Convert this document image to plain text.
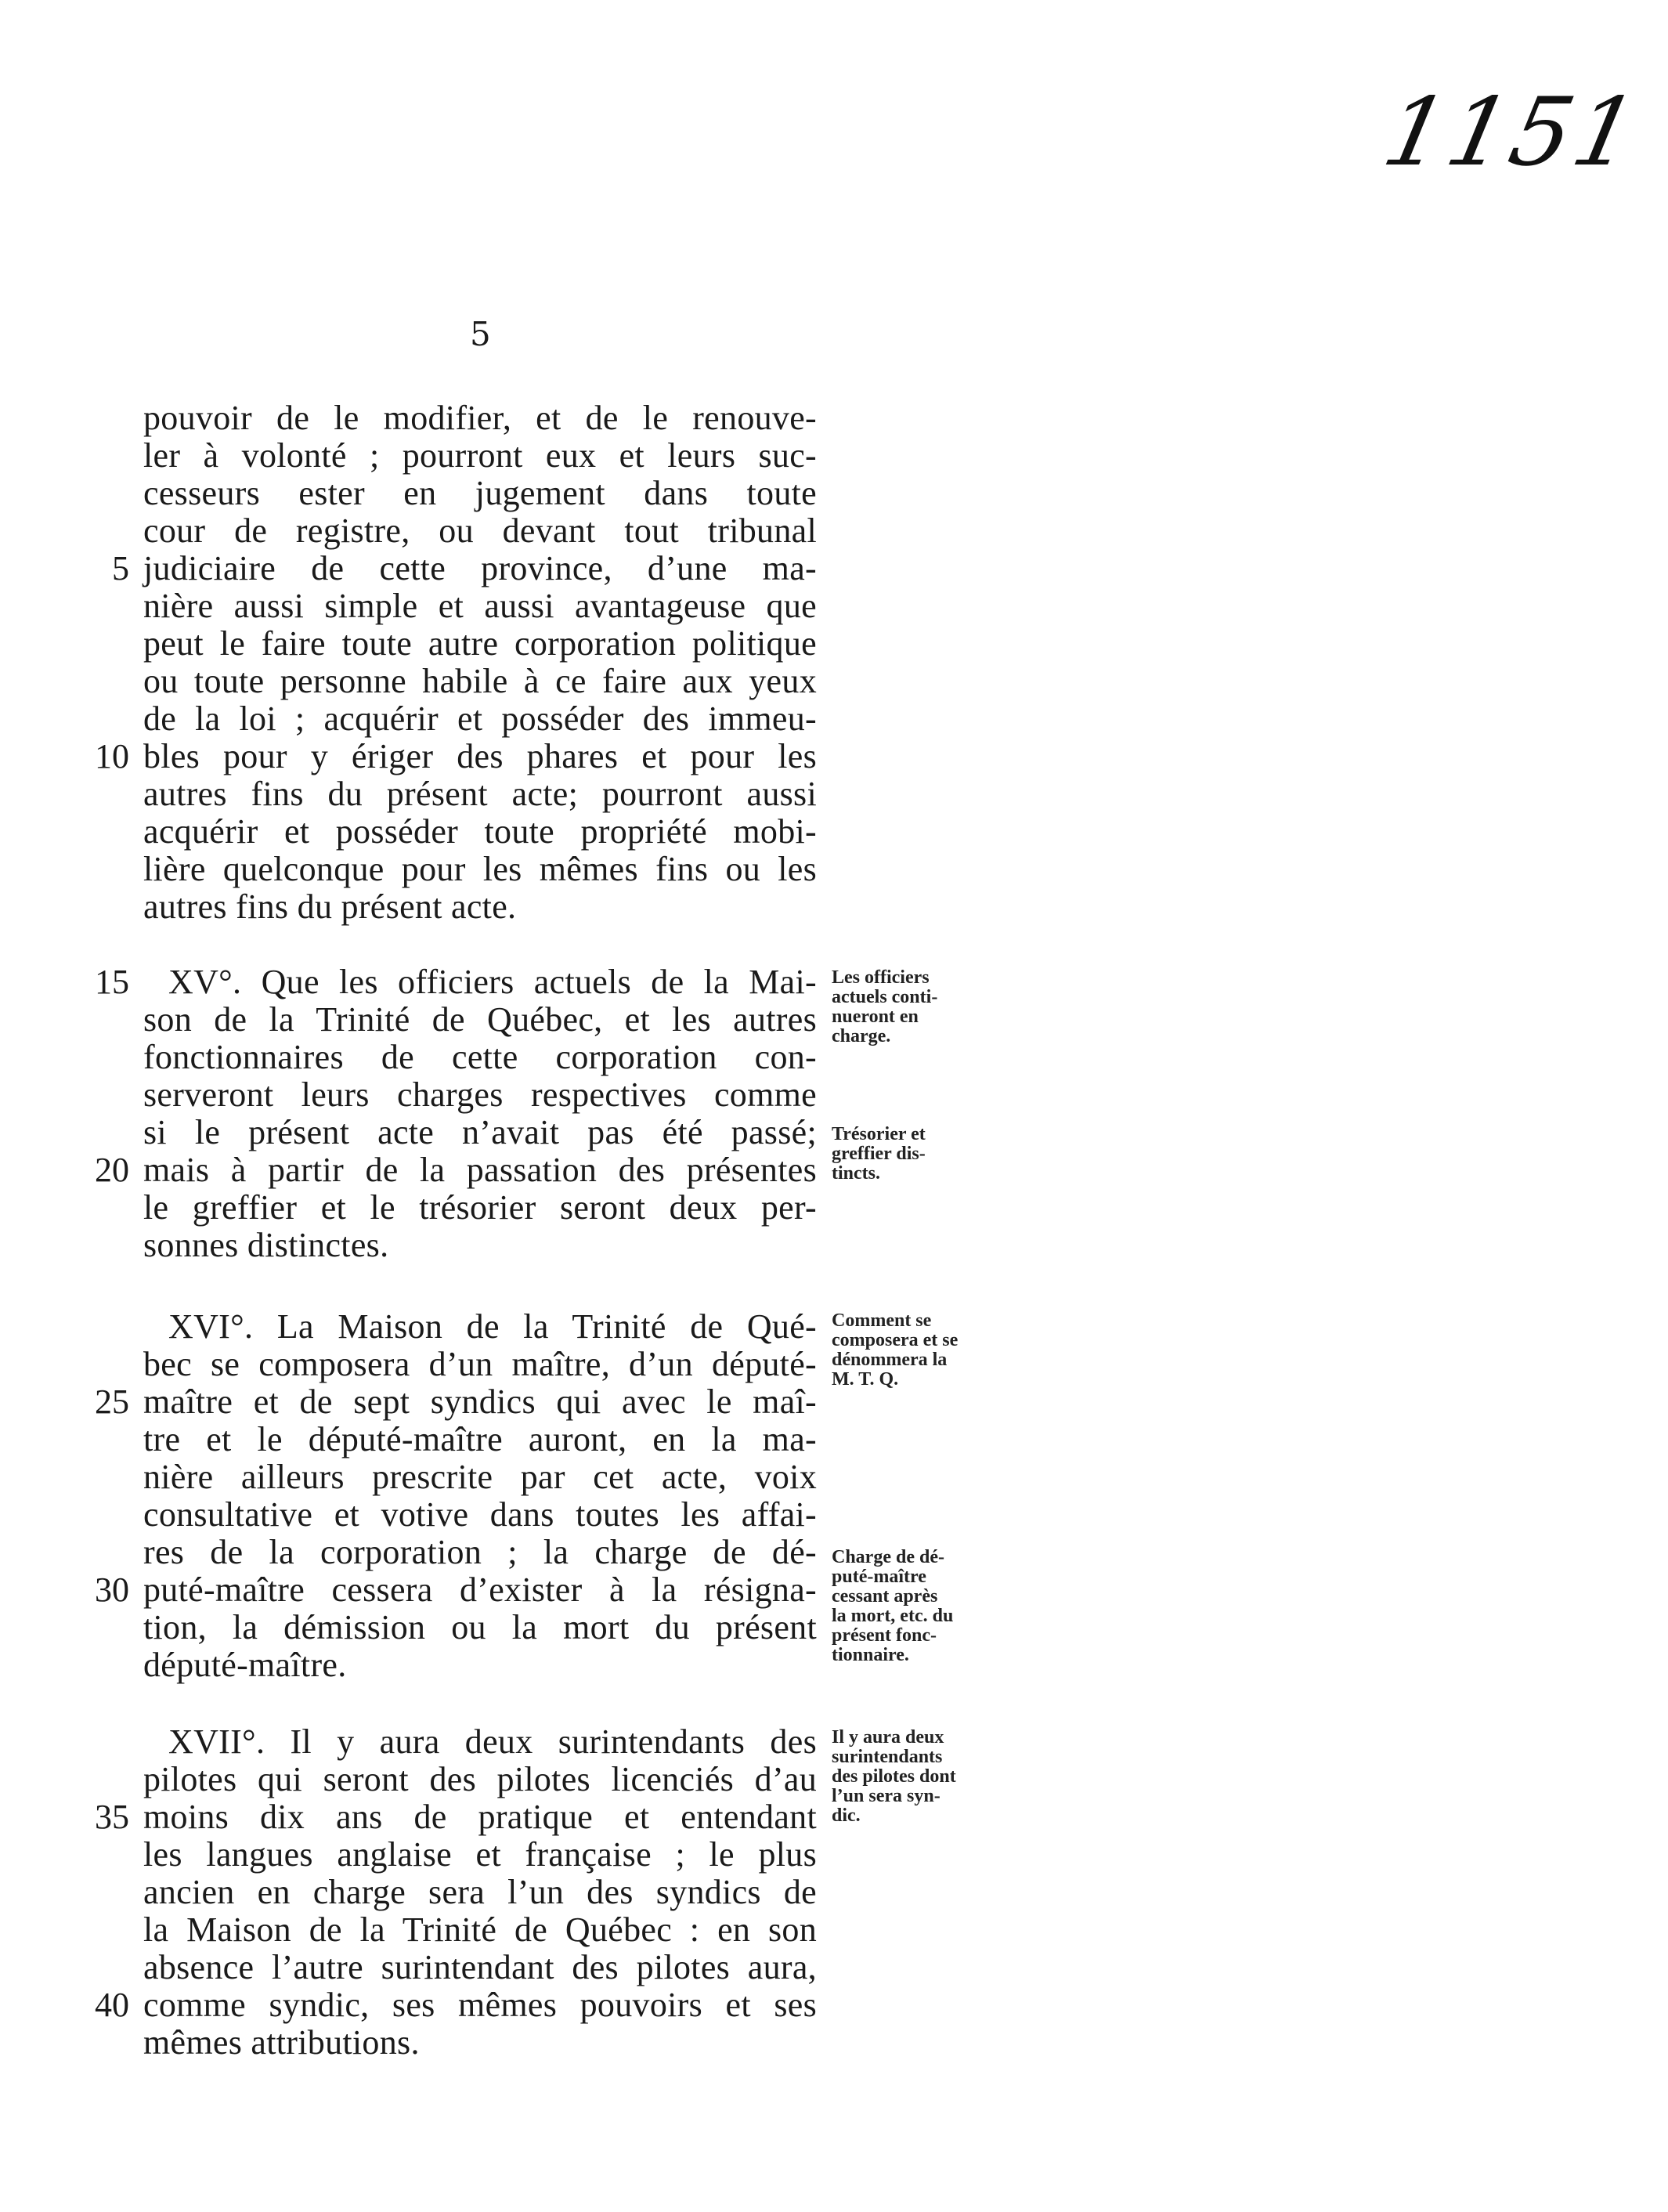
1151
5
pouvoir de le modifier, et de le renouve-
ler à volonté ; pourront eux et leurs suc-
cesseurs ester en jugement dans toute
cour de registre, ou devant tout tribunal
5 judiciaire de cette province, d’une ma-
nière aussi simple et aussi avantageuse que
peut le faire toute autre corporation politique
ou toute personne habile à ce faire aux yeux
de la loi ; acquérir et posséder des immeu-
10 bles pour y ériger des phares et pour les
autres fins du présent acte; pourront aussi
acquérir et posséder toute propriété mobi-
lière quelconque pour les mêmes fins ou les
autres fins du présent acte.
15 XV°. Que les officiers actuels de la Mai-
son de la Trinité de Québec, et les autres
fonctionnaires de cette corporation con-
serveront leurs charges respectives comme
si le présent acte n’avait pas été passé;
20 mais à partir de la passation des présentes
le greffier et le trésorier seront deux per-
sonnes distinctes.
XVI°. La Maison de la Trinité de Qué-
bec se composera d’un maître, d’un député-
25 maître et de sept syndics qui avec le maî-
tre et le député-maître auront, en la ma-
nière ailleurs prescrite par cet acte, voix
consultative et votive dans toutes les affai-
res de la corporation ; la charge de dé-
30 puté-maître cessera d’exister à la résigna-
tion, la démission ou la mort du présent
député-maître.
XVII°. Il y aura deux surintendants des
pilotes qui seront des pilotes licenciés d’au
35 moins dix ans de pratique et entendant
les langues anglaise et française ; le plus
ancien en charge sera l’un des syndics de
la Maison de la Trinité de Québec : en son
absence l’autre surintendant des pilotes aura,
40 comme syndic, ses mêmes pouvoirs et ses
mêmes attributions.
Les officiers
actuels conti-
nueront en
charge.
Trésorier et
greffier dis-
tincts.
Comment se
composera et se
dénommera la
M. T. Q.
Charge de dé-
puté-maître
cessant après
la mort, etc. du
présent fonc-
tionnaire.
Il y aura deux
surintendants
des pilotes dont
l’un sera syn-
dic.
